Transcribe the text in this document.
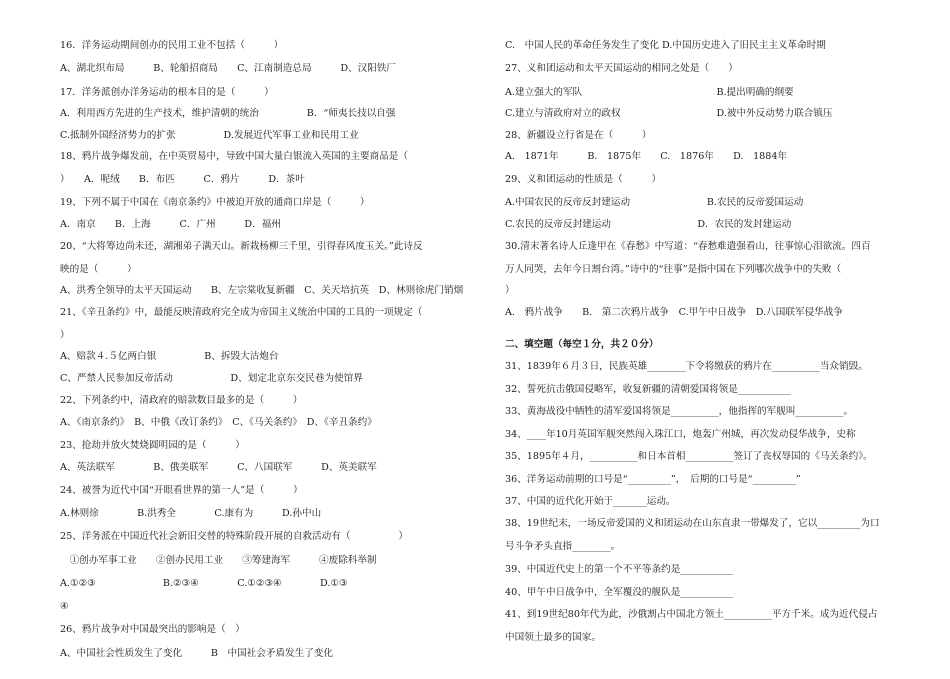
16．洋务运动期间创办的民用工业不包括（　　　）
A、湖北织布局　　　B、轮船招商局　　C、江南制造总局　　　D、汉阳铁厂
17．洋务派创办洋务运动的根本目的是（　　　）
A．利用西方先进的生产技术，维护清朝的统治　　　　　B．“师夷长技以自强
C.抵制外国经济势力的扩张　　　　　D.发展近代军事工业和民用工业
18、鸦片战争爆发前，在中英贸易中，导致中国大量白银流入英国的主要商品是（
）　　A．呢绒　　B．布匹　　　C．鸦片　　　D．茶叶
19、下列不属于中国在《南京条约》中被迫开放的通商口岸是（　　　）
A．南京　　B．上海　　　C．广州　　　D．福州
20、“大将筹边尚未还，湖湘弟子满天山。新栽杨柳三千里，引得春风度玉关。”此诗反
映的是（　　　）
A、洪秀全领导的太平天国运动　　B、左宗棠收复新疆　C、关天培抗英　D、林则徐虎门销烟
21、《辛丑条约》中，最能反映清政府完全成为帝国主义统治中国的工具的一项规定（
）
A、赔款４.５亿两白银　　　　　B、拆毁大沽炮台
C、严禁人民参加反帝活动　　　　　　D、划定北京东交民巷为使馆界
22、下列条约中，清政府的赔款数目最多的是（　　　）
A、《南京条约》　B、中俄《改订条约》　C、《马关条约》　D、《辛丑条约》
23、抢劫并放火焚烧圆明园的是（　　　）
A、英法联军　　　　B、俄美联军　　　C、八国联军　　　D、英美联军
24、被誉为近代中国“开眼看世界的第一人”是（　　　）
A.林则徐　　　　B.洪秀全　　　　C.康有为　　　D.孙中山
25、洋务派在中国近代社会新旧交替的特殊阶段开展的自救活动有（　　　　　）
　①创办军事工业　　②创办民用工业　　③筹建海军　　　④废除科举制
A.①②③　　　　　　　B.②③④　　　　C.①②③④　　　　D.①③
④
26、鸦片战争对中国最突出的影响是（　）
A、中国社会性质发生了变化　　　B　中国社会矛盾发生了变化
C.　中国人民的革命任务发生了变化 D.中国历史进入了旧民主主义革命时期
27、义和团运动和太平天国运动的相同之处是（　　）
A.建立强大的军队　　　　　　　　　　　　　　B.提出明确的纲要
C.建立与清政府对立的政权　　　　　　　　　　D.被中外反动势力联合镇压
28、新疆设立行省是在（　　　）
A.　1871年　　　B.　1875年　　C.　1876年　　D.　1884年
29、义和团运动的性质是（　　　）
A.中国农民的反帝反封建运动　　　　　　　　B.农民的反帝爱国运动
C.农民的反帝反封建运动　　　　　　　　　D．农民的发封建运动
30.清末著名诗人丘逢甲在《春愁》中写道：“春愁难遣强看山，往事惊心泪欲流。四百
万人同哭，去年今日割台湾。”诗中的“往事”是指中国在下列哪次战争中的失败（
）
A.　鸦片战争　　B.　第二次鸦片战争　C.甲午中日战争　D.八国联军侵华战争
二、填空题（每空１分，共２０分）
31、1839年６月３日，民族英雄________下令将缴获的鸦片在__________当众销毁。
32、誓死抗击俄国侵略军，收复新疆的清朝爱国将领是___________
33、黄海战役中牺牲的清军爱国将领是__________，他指挥的军舰叫__________。
34、____年10月英国军舰突然闯入珠江口，炮轰广州城，再次发动侵华战争，史称
35、1895年４月，__________和日本首相__________签订了丧权辱国的《马关条约》。
36、洋务运动前期的口号是“_________”，　后期的口号是“_________”
37、中国的近代化开始于_______运动。
38、19世纪末，一场反帝爱国的义和团运动在山东直隶一带爆发了，它以_________为口
号斗争矛头直指________。
39、中国近代史上的第一个不平等条约是___________
40、甲午中日战争中，全军覆没的舰队是___________
41、到19世纪80年代为此，沙俄割占中国北方领土__________平方千米。成为近代侵占
中国领土最多的国家。
